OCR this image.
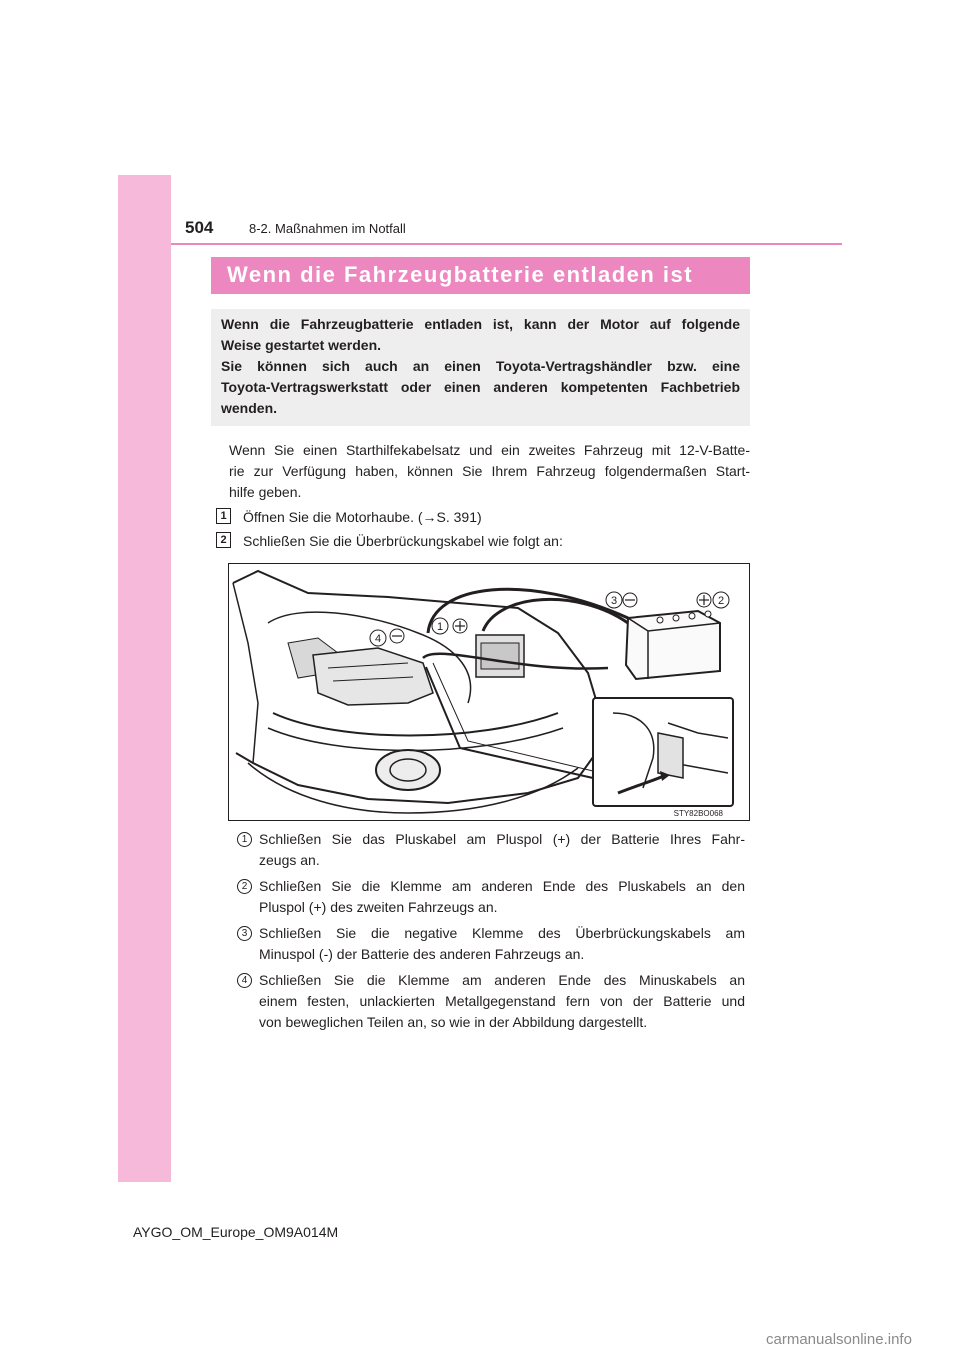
504	8-2. Maßnahmen im Notfall
Wenn die Fahrzeugbatterie entladen ist

Wenn die Fahrzeugbatterie entladen ist, kann der Motor auf folgende

Weise gestartet werden.

Sie können sich auch an einen Toyota-Vertragshändler bzw. eine

Toyota-Vertragswerkstatt oder einen anderen kompetenten Fachbetrieb

wenden.

Wenn Sie einen Starthilfekabelsatz und ein zweites Fahrzeug mit 12-V-Batte-

rie zur Verfügung haben, können Sie Ihrem Fahrzeug folgendermaßen Start-

hilfe geben.

1	Öffnen Sie die Motorhaube. (→S. 391)
2	Schließen Sie die Überbrückungskabel wie folgt an:
3	2
4
1
STY82BO068
1 Schließen Sie das Pluskabel am Pluspol (+) der Batterie Ihres Fahr-

zeugs an.

2 Schließen Sie die Klemme am anderen Ende des Pluskabels an den

Pluspol (+) des zweiten Fahrzeugs an.

3 Schließen Sie die negative Klemme des Überbrückungskabels am

Minuspol (-) der Batterie des anderen Fahrzeugs an.

4 Schließen Sie die Klemme am anderen Ende des Minuskabels an

einem festen, unlackierten Metallgegenstand fern von der Batterie und

von beweglichen Teilen an, so wie in der Abbildung dargestellt.

AYGO_OM_Europe_OM9A014M
carmanualsonline.info
